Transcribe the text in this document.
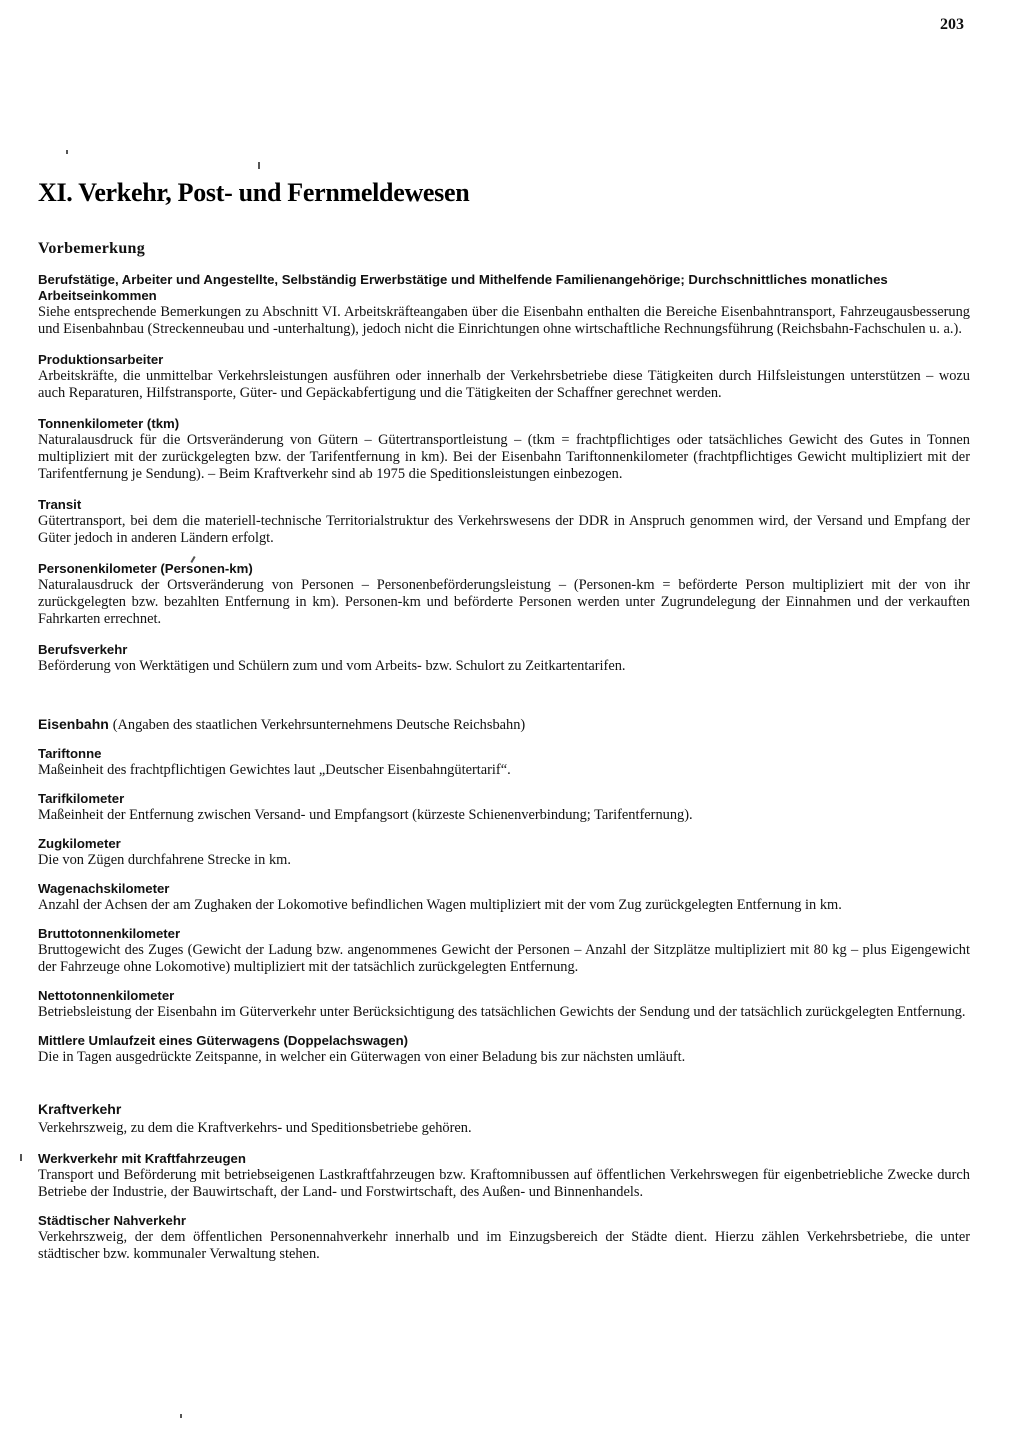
203
XI. Verkehr, Post- und Fernmeldewesen
Vorbemerkung

Berufstätige, Arbeiter und Angestellte, Selbständig Erwerbstätige und Mithelfende Familienangehörige; Durchschnittliches monatliches Arbeitseinkommen

Siehe entsprechende Bemerkungen zu Abschnitt VI. Arbeitskräfteangaben über die Eisenbahn enthalten die Bereiche Eisenbahntransport, Fahrzeugausbesserung und Eisenbahnbau (Streckenneubau und -unterhaltung), jedoch nicht die Einrichtungen ohne wirtschaftliche Rechnungsführung (Reichsbahn-Fachschulen u. a.).

Produktionsarbeiter

Arbeitskräfte, die unmittelbar Verkehrsleistungen ausführen oder innerhalb der Verkehrsbetriebe diese Tätigkeiten durch Hilfsleistungen unterstützen – wozu auch Reparaturen, Hilfstransporte, Güter- und Gepäckabfertigung und die Tätigkeiten der Schaffner gerechnet werden.

Tonnenkilometer (tkm)

Naturalausdruck für die Ortsveränderung von Gütern – Gütertransportleistung – (tkm = frachtpflichtiges oder tatsächliches Gewicht des Gutes in Tonnen multipliziert mit der zurückgelegten bzw. der Tarifentfernung in km). Bei der Eisenbahn Tariftonnenkilometer (frachtpflichtiges Gewicht multipliziert mit der Tarifentfernung je Sendung). – Beim Kraftverkehr sind ab 1975 die Speditionsleistungen einbezogen.

Transit

Gütertransport, bei dem die materiell-technische Territorialstruktur des Verkehrswesens der DDR in Anspruch genommen wird, der Versand und Empfang der Güter jedoch in anderen Ländern erfolgt.

Personenkilometer (Personen-km)

Naturalausdruck der Ortsveränderung von Personen – Personenbeförderungsleistung – (Personen-km = beförderte Person multipliziert mit der von ihr zurückgelegten bzw. bezahlten Entfernung in km). Personen-km und beförderte Personen werden unter Zugrundelegung der Einnahmen und der verkauften Fahrkarten errechnet.

Berufsverkehr

Beförderung von Werktätigen und Schülern zum und vom Arbeits- bzw. Schulort zu Zeitkartentarifen.

Eisenbahn (Angaben des staatlichen Verkehrsunternehmens Deutsche Reichsbahn)

Tariftonne

Maßeinheit des frachtpflichtigen Gewichtes laut „Deutscher Eisenbahngütertarif“.

Tarifkilometer

Maßeinheit der Entfernung zwischen Versand- und Empfangsort (kürzeste Schienenverbindung; Tarifentfernung).

Zugkilometer

Die von Zügen durchfahrene Strecke in km.

Wagenachskilometer

Anzahl der Achsen der am Zughaken der Lokomotive befindlichen Wagen multipliziert mit der vom Zug zurückgelegten Entfernung in km.

Bruttotonnenkilometer

Bruttogewicht des Zuges (Gewicht der Ladung bzw. angenommenes Gewicht der Personen – Anzahl der Sitzplätze multipliziert mit 80 kg – plus Eigengewicht der Fahrzeuge ohne Lokomotive) multipliziert mit der tatsächlich zurückgelegten Entfernung.

Nettotonnenkilometer

Betriebsleistung der Eisenbahn im Güterverkehr unter Berücksichtigung des tatsächlichen Gewichts der Sendung und der tatsächlich zurückgelegten Entfernung.

Mittlere Umlaufzeit eines Güterwagens (Doppelachswagen)

Die in Tagen ausgedrückte Zeitspanne, in welcher ein Güterwagen von einer Beladung bis zur nächsten umläuft.

Kraftverkehr

Verkehrszweig, zu dem die Kraftverkehrs- und Speditionsbetriebe gehören.

Werkverkehr mit Kraftfahrzeugen

Transport und Beförderung mit betriebseigenen Lastkraftfahrzeugen bzw. Kraftomnibussen auf öffentlichen Verkehrswegen für eigenbetriebliche Zwecke durch Betriebe der Industrie, der Bauwirtschaft, der Land- und Forstwirtschaft, des Außen- und Binnenhandels.

Städtischer Nahverkehr

Verkehrszweig, der dem öffentlichen Personennahverkehr innerhalb und im Einzugsbereich der Städte dient. Hierzu zählen Verkehrsbetriebe, die unter städtischer bzw. kommunaler Verwaltung stehen.
